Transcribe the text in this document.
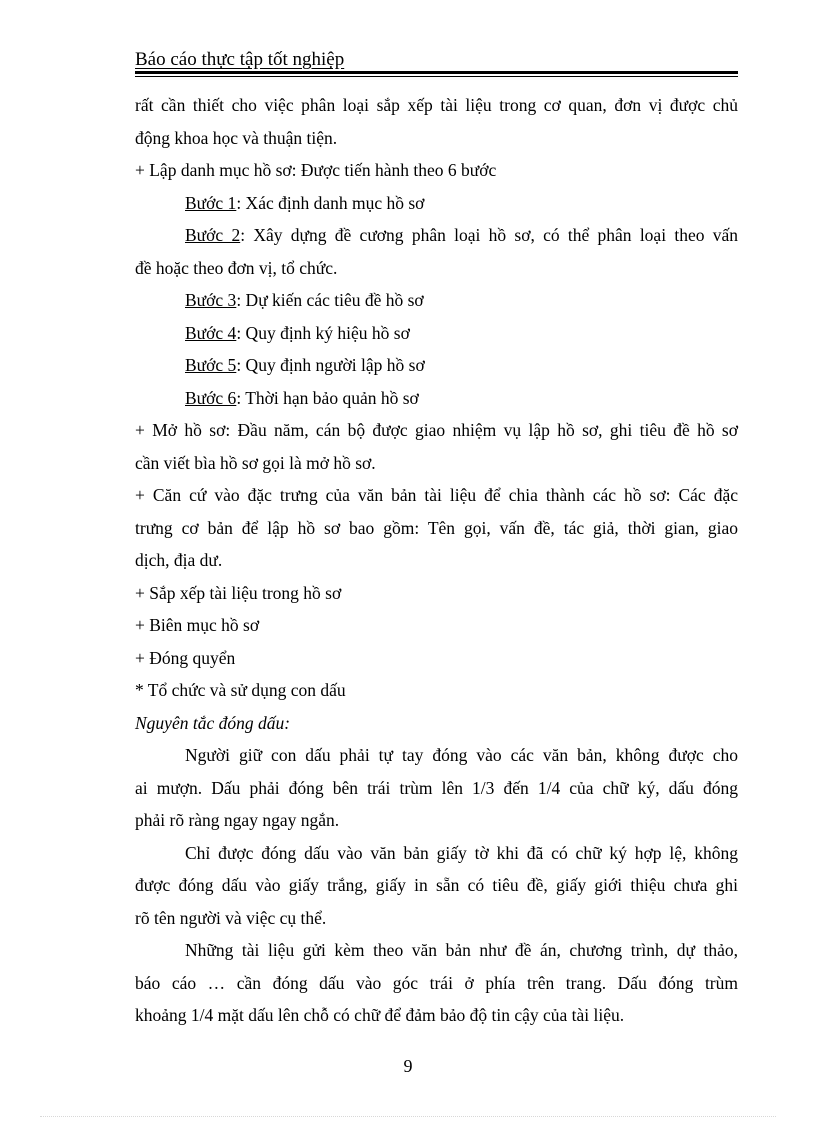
Báo cáo thực tập tốt nghiệp
rất cần thiết cho việc phân loại sắp xếp tài liệu trong cơ quan, đơn vị được chủ
động khoa học và thuận tiện.
+ Lập danh mục hồ sơ: Được tiến hành theo 6 bước
Bước 1: Xác định danh mục hồ sơ
Bước 2: Xây dựng đề cương phân loại hồ sơ, có thể phân loại theo vấn
đề hoặc theo đơn vị, tổ chức.
Bước 3: Dự kiến các tiêu đề hồ sơ
Bước 4: Quy định ký hiệu hồ sơ
Bước 5: Quy định người lập hồ sơ
Bước 6: Thời hạn bảo quản hồ sơ
+ Mở hồ sơ: Đầu năm, cán bộ được giao nhiệm vụ lập hồ sơ, ghi tiêu đề hồ sơ
cần viết bìa hồ sơ gọi là mở hồ sơ.
+ Căn cứ vào đặc trưng của văn bản tài liệu để chia thành các hồ sơ: Các đặc
trưng cơ bản để lập hồ sơ bao gồm: Tên gọi, vấn đề, tác giả, thời gian, giao
dịch, địa dư.
+ Sắp xếp tài liệu trong hồ sơ
+ Biên mục hồ sơ
+ Đóng quyển
* Tổ chức và sử dụng con dấu
Nguyên tắc đóng dấu:
Người giữ con dấu phải tự tay đóng vào các văn bản, không được cho
ai mượn. Dấu phải đóng bên trái trùm lên 1/3 đến 1/4 của chữ ký, dấu đóng
phải rõ ràng ngay ngay ngắn.
Chỉ được đóng dấu vào văn bản giấy tờ khi đã có chữ ký hợp lệ, không
được đóng dấu vào giấy trắng, giấy in sẵn có tiêu đề, giấy giới thiệu chưa ghi
rõ tên người và việc cụ thể.
Những tài liệu gửi kèm theo văn bản như đề án, chương trình, dự thảo,
báo cáo … cần đóng dấu vào góc trái ở phía trên trang. Dấu đóng trùm
khoảng 1/4 mặt dấu lên chỗ có chữ để đảm bảo độ tin cậy của tài liệu.
9
